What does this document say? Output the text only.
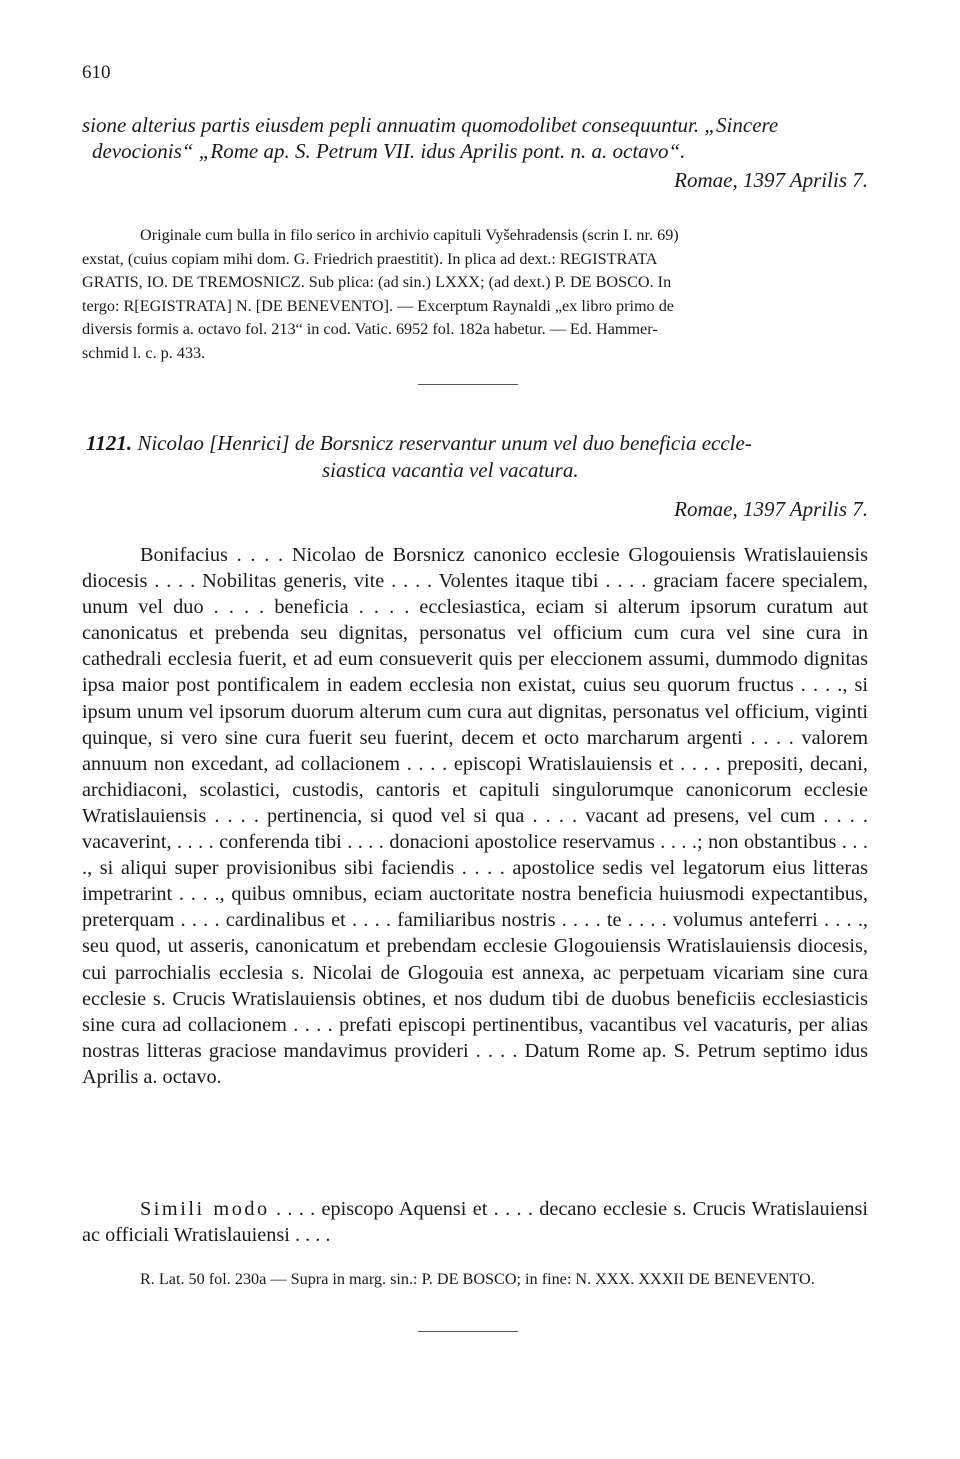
610
sione alterius partis eiusdem pepli annuatim quomodolibet consequuntur. „Sincere
devocionis“ „Rome ap. S. Petrum VII. idus Aprilis pont. n. a. octavo“.
Romae, 1397 Aprilis 7.
Originale cum bulla in filo serico in archivio capituli Vyšehradensis (scrin I. nr. 69)
exstat, (cuius copiam mihi dom. G. Friedrich praestitit). In plica ad dext.: REGISTRATA
GRATIS, IO. DE TREMOSNICZ. Sub plica: (ad sin.) LXXX; (ad dext.) P. DE BOSCO. In
tergo: R[EGISTRATA] N. [DE BENEVENTO]. — Excerptum Raynaldi „ex libro primo de
diversis formis a. octavo fol. 213“ in cod. Vatic. 6952 fol. 182a habetur. — Ed. Hammer-
schmid l. c. p. 433.
1121. Nicolao [Henrici] de Borsnicz reservantur unum vel duo beneficia eccle-
siastica vacantia vel vacatura.
Romae, 1397 Aprilis 7.

Bonifacius . . . . Nicolao de Borsnicz canonico ecclesie Glogouiensis Wratislauiensis diocesis . . . . Nobilitas generis, vite . . . . Volentes itaque tibi . . . . graciam facere specialem, unum vel duo . . . . beneficia . . . . ecclesiastica, eciam si alterum ipsorum curatum aut canonicatus et prebenda seu dignitas, personatus vel officium cum cura vel sine cura in cathedrali ecclesia fuerit, et ad eum consueverit quis per eleccionem assumi, dummodo dignitas ipsa maior post pontificalem in eadem ecclesia non existat, cuius seu quorum fructus . . . ., si ipsum unum vel ipsorum duorum alterum cum cura aut dignitas, personatus vel officium, viginti quinque, si vero sine cura fuerit seu fuerint, decem et octo marcharum argenti . . . . valorem annuum non excedant, ad collacionem . . . . episcopi Wratislauiensis et . . . . prepositi, decani, archidiaconi, scolastici, custodis, cantoris et capituli singulorumque canonicorum ecclesie Wratislauiensis . . . . pertinencia, si quod vel si qua . . . . vacant ad presens, vel cum . . . . vacaverint, . . . . conferenda tibi . . . . donacioni apostolice reservamus . . . .; non obstantibus . . . ., si aliqui super provisionibus sibi faciendis . . . . apostolice sedis vel legatorum eius litteras impetrarint . . . ., quibus omnibus, eciam auctoritate nostra beneficia huiusmodi expectantibus, preterquam . . . . cardinalibus et . . . . familiaribus nostris . . . . te . . . . volumus anteferri . . . ., seu quod, ut asseris, canonicatum et prebendam ecclesie Glogouiensis Wratislauiensis diocesis, cui parrochialis ecclesia s. Nicolai de Glogouia est annexa, ac perpetuam vicariam sine cura ecclesie s. Crucis Wratislauiensis obtines, et nos dudum tibi de duobus beneficiis ecclesiasticis sine cura ad collacionem . . . . prefati episcopi pertinentibus, vacantibus vel vacaturis, per alias nostras litteras graciose mandavimus provideri . . . . Datum Rome ap. S. Petrum septimo idus Aprilis a. octavo.

Simili modo . . . . episcopo Aquensi et . . . . decano ecclesie s. Crucis Wratislauiensi ac officiali Wratislauiensi . . . .
R. Lat. 50 fol. 230a — Supra in marg. sin.: P. DE BOSCO; in fine: N. XXX. XXXII DE BENEVENTO.
